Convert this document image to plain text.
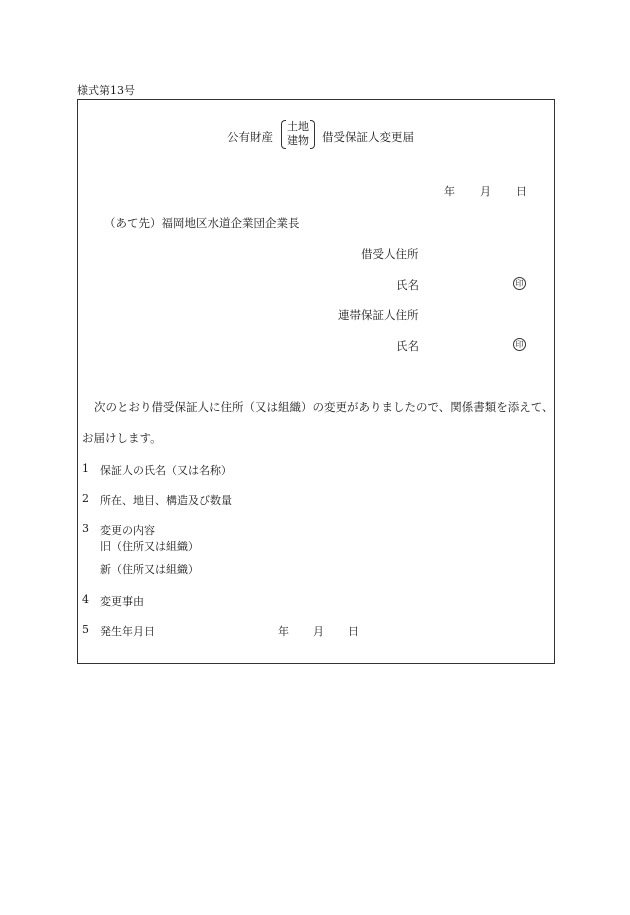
様式第13号
公有財産
土地
建物 借受保証人変更届
年 月 日
（あて先）福岡地区水道企業団企業長
借受人住所
氏名	印
連帯保証人住所
氏名	印
次のとおり借受保証人に住所（又は組織）の変更がありましたので、関係書類を添えて、
お届けします。
1 保証人の氏名（又は名称）
2 所在、地目、構造及び数量
3 変更の内容
旧（住所又は組織）
新（住所又は組織）
4 変更事由
5 発生年月日	年 月 日
